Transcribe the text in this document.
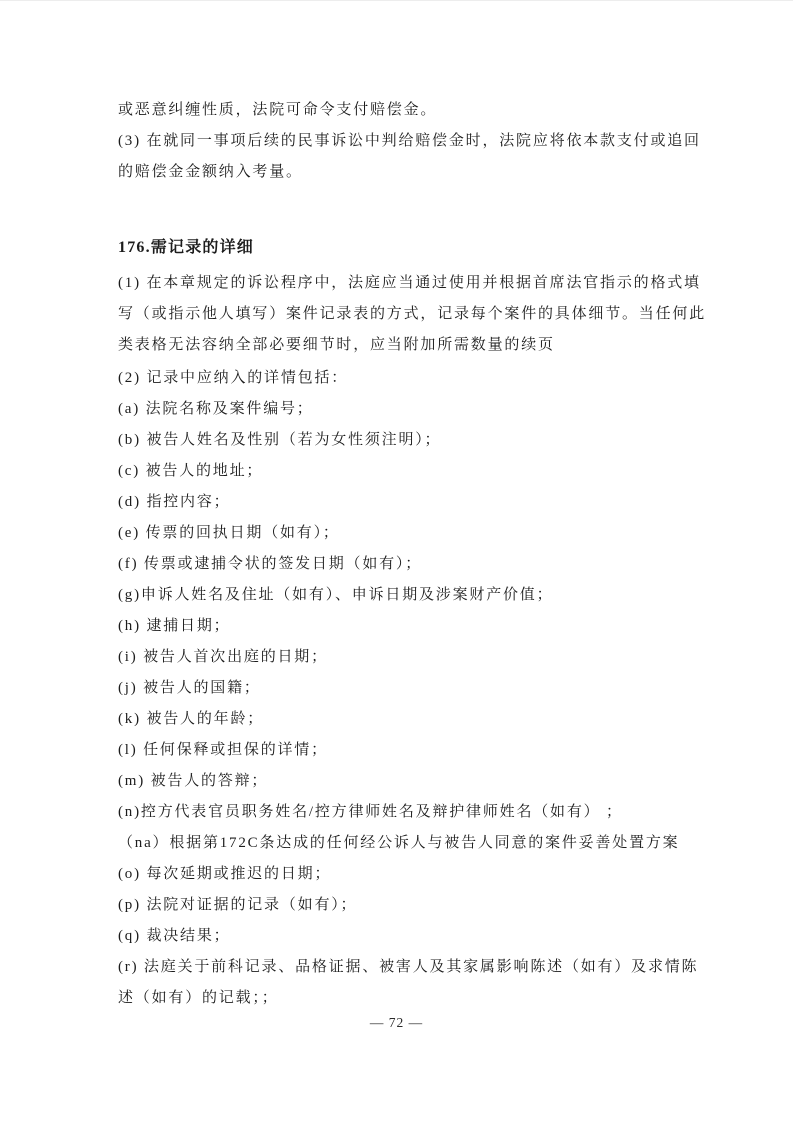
或恶意纠缠性质，法院可命令支付赔偿金。
(3) 在就同一事项后续的民事诉讼中判给赔偿金时，法院应将依本款支付或追回
的赔偿金金额纳入考量。
176.需记录的详细
(1) 在本章规定的诉讼程序中，法庭应当通过使用并根据首席法官指示的格式填
写（或指示他人填写）案件记录表的方式，记录每个案件的具体细节。当任何此
类表格无法容纳全部必要细节时，应当附加所需数量的续页
(2) 记录中应纳入的详情包括：
(a) 法院名称及案件编号；
(b) 被告人姓名及性别（若为女性须注明）；
(c) 被告人的地址；
(d) 指控内容；
(e) 传票的回执日期（如有）；
(f) 传票或逮捕令状的签发日期（如有）；
(g)申诉人姓名及住址（如有）、申诉日期及涉案财产价值；
(h) 逮捕日期；
(i) 被告人首次出庭的日期；
(j) 被告人的国籍；
(k) 被告人的年龄；
(l) 任何保释或担保的详情；
(m) 被告人的答辩；
(n)控方代表官员职务姓名/控方律师姓名及辩护律师姓名（如有） ；
（na）根据第172C条达成的任何经公诉人与被告人同意的案件妥善处置方案
(o) 每次延期或推迟的日期；
(p) 法院对证据的记录（如有）；
(q) 裁决结果；
(r) 法庭关于前科记录、品格证据、被害人及其家属影响陈述（如有）及求情陈
述（如有）的记载；；
— 72 —
